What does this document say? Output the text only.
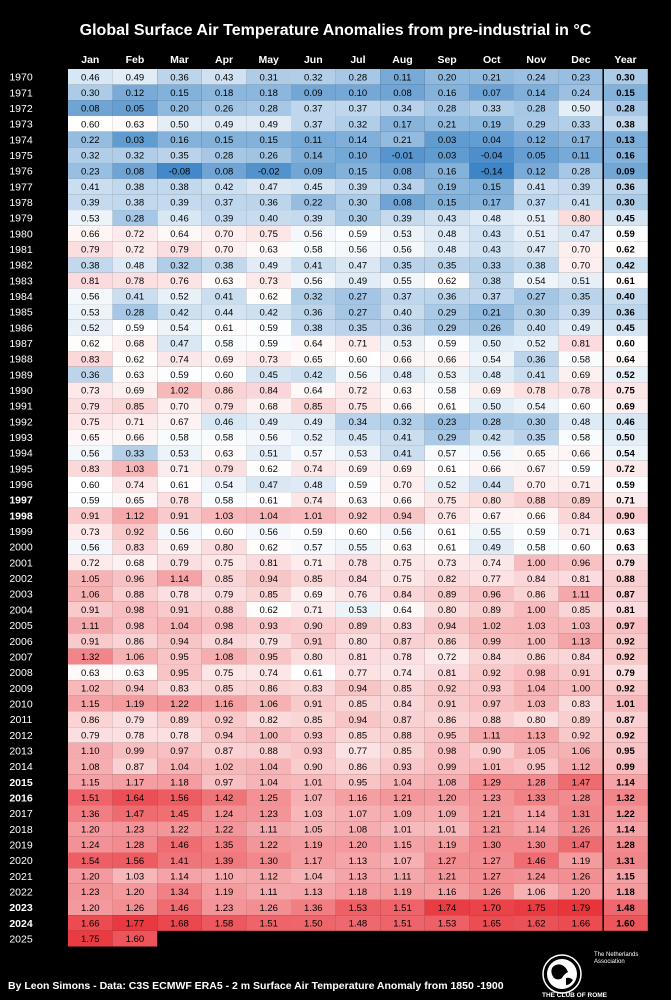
Global Surface Air Temperature Anomalies from pre-industrial in °C
Jan Feb Mar Apr May Jun	Jul	Aug Sep Oct Nov Dec Year
1970	0.46	0.49	0.36	0.43	0.31	0.32	0.28	0.11	0.20	0.21	0.24	0.23	0.30
1971	0.30	0.12	0.15	0.18	0.18	0.09	0.10	0.08	0.16	0.07	0.14	0.24	0.15
1972	0.08	0.05	0.20	0.26	0.28	0.37	0.37	0.34	0.28	0.33	0.28	0.50	0.28
1973	0.60	0.63	0.50	0.49	0.49	0.37	0.32	0.17	0.21	0.19	0.29	0.33	0.38
1974	0.22	0.03	0.16	0.15	0.15	0.11	0.14	0.21	0.03	0.04	0.12	0.17	0.13
1975	0.32	0.32	0.35	0.28	0.26	0.14	0.10	-0.01	0.03	-0.04	0.05	0.11	0.16
1976	0.23	0.08	-0.08	0.08	-0.02	0.09	0.15	0.08	0.16	-0.14	0.12	0.28	0.09
1977	0.41	0.38	0.38	0.42	0.47	0.45	0.39	0.34	0.19	0.15	0.41	0.39	0.36
1978	0.39	0.38	0.39	0.37	0.36	0.22	0.30	0.08	0.15	0.17	0.37	0.41	0.30
1979	0.53	0.28	0.46	0.39	0.40	0.39	0.30	0.39	0.43	0.48	0.51	0.80	0.45
1980	0.66	0.72	0.64	0.70	0.75	0.56	0.59	0.53	0.48	0.43	0.51	0.47	0.59
1981	0.79	0.72	0.79	0.70	0.63	0.58	0.56	0.56	0.48	0.43	0.47	0.70	0.62
1982	0.38	0.48	0.32	0.38	0.49	0.41	0.47	0.35	0.35	0.33	0.38	0.70	0.42
1983	0.81	0.78	0.76	0.63	0.73	0.56	0.49	0.55	0.62	0.38	0.54	0.51	0.61
1984	0.56	0.41	0.52	0.41	0.62	0.32	0.27	0.37	0.36	0.37	0.27	0.35	0.40
1985	0.53	0.28	0.42	0.44	0.42	0.36	0.27	0.40	0.29	0.21	0.30	0.39	0.36
1986	0.52	0.59	0.54	0.61	0.59	0.38	0.35	0.36	0.29	0.26	0.40	0.49	0.45
1987	0.62	0.68	0.47	0.58	0.59	0.64	0.71	0.53	0.59	0.50	0.52	0.81	0.60
1988	0.83	0.62	0.74	0.69	0.73	0.65	0.60	0.66	0.66	0.54	0.36	0.58	0.64
1989	0.36	0.63	0.59	0.60	0.45	0.42	0.56	0.48	0.53	0.48	0.41	0.69	0.52
1990	0.73	0.69	1.02	0.86	0.84	0.64	0.72	0.63	0.58	0.69	0.78	0.78	0.75
1991	0.79	0.85	0.70	0.79	0.68	0.85	0.75	0.66	0.61	0.50	0.54	0.60	0.69
1992	0.75	0.71	0.67	0.46	0.49	0.49	0.34	0.32	0.23	0.28	0.30	0.48	0.46
1993	0.65	0.66	0.58	0.58	0.56	0.52	0.45	0.41	0.29	0.42	0.35	0.58	0.50
1994	0.56	0.33	0.53	0.63	0.51	0.57	0.53	0.41	0.57	0.56	0.65	0.66	0.54
1995	0.83	1.03	0.71	0.79	0.62	0.74	0.69	0.69	0.61	0.66	0.67	0.59	0.72
1996	0.60	0.74	0.61	0.54	0.47	0.48	0.59	0.70	0.52	0.44	0.70	0.71	0.59
1997	0.59	0.65	0.78	0.58	0.61	0.74	0.63	0.66	0.75	0.80	0.88	0.89	0.71
1998	0.91	1.12	0.91	1.03	1.04	1.01	0.92	0.94	0.76	0.67	0.66	0.84	0.90
1999	0.73	0.92	0.56	0.60	0.56	0.59	0.60	0.56	0.61	0.55	0.59	0.71	0.63
2000	0.56	0.83	0.69	0.80	0.62	0.57	0.55	0.63	0.61	0.49	0.58	0.60	0.63
2001	0.72	0.68	0.79	0.75	0.81	0.71	0.78	0.75	0.73	0.74	1.00	0.96	0.79
2002	1.05	0.96	1.14	0.85	0.94	0.85	0.84	0.75	0.82	0.77	0.84	0.81	0.88
2003	1.06	0.88	0.78	0.79	0.85	0.69	0.76	0.84	0.89	0.96	0.86	1.11	0.87
2004	0.91	0.98	0.91	0.88	0.62	0.71	0.53	0.64	0.80	0.89	1.00	0.85	0.81
2005	1.11	0.98	1.04	0.98	0.93	0.90	0.89	0.83	0.94	1.02	1.03	1.03	0.97
2006	0.91	0.86	0.94	0.84	0.79	0.91	0.80	0.87	0.86	0.99	1.00	1.13	0.92
2007	1.32	1.06	0.95	1.08	0.95	0.80	0.81	0.78	0.72	0.84	0.86	0.84	0.92
2008	0.63	0.63	0.95	0.75	0.74	0.61	0.77	0.74	0.81	0.92	0.98	0.91	0.79
2009	1.02	0.94	0.83	0.85	0.86	0.83	0.94	0.85	0.92	0.93	1.04	1.00	0.92
2010	1.15	1.19	1.22	1.16	1.06	0.91	0.85	0.84	0.91	0.97	1.03	0.83	1.01
2011	0.86	0.79	0.89	0.92	0.82	0.85	0.94	0.87	0.86	0.88	0.80	0.89	0.87
2012	0.79	0.78	0.78	0.94	1.00	0.93	0.85	0.88	0.95	1.11	1.13	0.92	0.92
2013	1.10	0.99	0.97	0.87	0.88	0.93	0.77	0.85	0.98	0.90	1.05	1.06	0.95
2014	1.08	0.87	1.04	1.02	1.04	0.90	0.86	0.93	0.99	1.01	0.95	1.12	0.99
2015	1.15	1.17	1.18	0.97	1.04	1.01	0.95	1.04	1.08	1.29	1.28	1.47	1.14
2016	1.51	1.64	1.56	1.42	1.25	1.07	1.16	1.21	1.20	1.23	1.33	1.28	1.32
2017	1.36	1.47	1.45	1.24	1.23	1.03	1.07	1.09	1.09	1.21	1.14	1.31	1.22
2018	1.20	1.23	1.22	1.22	1.11	1.05	1.08	1.01	1.01	1.21	1.14	1.26	1.14
2019	1.24	1.28	1.46	1.35	1.22	1.19	1.20	1.15	1.19	1.30	1.30	1.47	1.28
2020	1.54	1.56	1.41	1.39	1.30	1.17	1.13	1.07	1.27	1.27	1.46	1.19	1.31
2021	1.20	1.03	1.14	1.10	1.12	1.04	1.13	1.11	1.21	1.27	1.24	1.26	1.15
2022	1.23	1.20	1.34	1.19	1.11	1.13	1.18	1.19	1.16	1.26	1.06	1.20	1.18
2023	1.20	1.26	1.46	1.23	1.26	1.36	1.53	1.51	1.74	1.70	1.75	1.79	1.48
2024	1.66	1.77	1.68	1.58	1.51	1.50	1.48	1.51	1.53	1.65	1.62	1.66	1.60
2025	1.75	1.60
By Leon Simons - Data: C3S ECMWF ERA5 - 2 m Surface Air Temperature Anomaly from 1850 -1900
The Netherlands
Association
THE CLUB OF ROME
